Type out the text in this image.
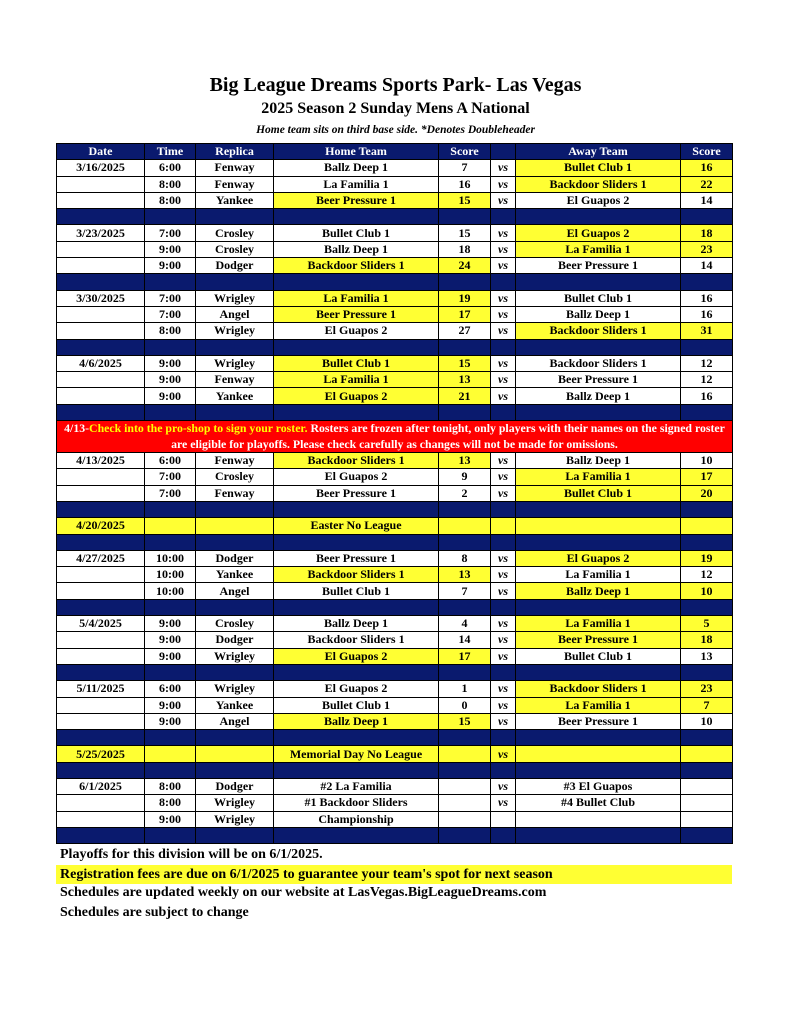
Big League Dreams Sports Park- Las Vegas
2025 Season 2 Sunday Mens A National
Home team sits on third base side. *Denotes Doubleheader
Date	Time	Replica	Home Team	Score		Away Team	Score
3/16/2025	6:00	Fenway	Ballz Deep 1	7	vs	Bullet Club 1	16
	8:00	Fenway	La Familia 1	16	vs	Backdoor Sliders 1	22
	8:00	Yankee	Beer Pressure 1	15	vs	El Guapos 2	14

3/23/2025	7:00	Crosley	Bullet Club 1	15	vs	El Guapos 2	18
	9:00	Crosley	Ballz Deep 1	18	vs	La Familia 1	23
	9:00	Dodger	Backdoor Sliders 1	24	vs	Beer Pressure 1	14

3/30/2025	7:00	Wrigley	La Familia 1	19	vs	Bullet Club 1	16
	7:00	Angel	Beer Pressure 1	17	vs	Ballz Deep 1	16
	8:00	Wrigley	El Guapos 2	27	vs	Backdoor Sliders 1	31

4/6/2025	9:00	Wrigley	Bullet Club 1	15	vs	Backdoor Sliders 1	12
	9:00	Fenway	La Familia 1	13	vs	Beer Pressure 1	12
	9:00	Yankee	El Guapos 2	21	vs	Ballz Deep 1	16

4/13-Check into the pro-shop to sign your roster. Rosters are frozen after tonight, only players with their names on the signed roster are eligible for playoffs. Please check carefully as changes will not be made for omissions.							
4/13/2025	6:00	Fenway	Backdoor Sliders 1	13	vs	Ballz Deep 1	10
	7:00	Crosley	El Guapos 2	9	vs	La Familia 1	17
	7:00	Fenway	Beer Pressure 1	2	vs	Bullet Club 1	20

4/20/2025			Easter No League				

4/27/2025	10:00	Dodger	Beer Pressure 1	8	vs	El Guapos 2	19
	10:00	Yankee	Backdoor Sliders 1	13	vs	La Familia 1	12
	10:00	Angel	Bullet Club 1	7	vs	Ballz Deep 1	10

5/4/2025	9:00	Crosley	Ballz Deep 1	4	vs	La Familia 1	5
	9:00	Dodger	Backdoor Sliders 1	14	vs	Beer Pressure 1	18
	9:00	Wrigley	El Guapos 2	17	vs	Bullet Club 1	13

5/11/2025	6:00	Wrigley	El Guapos 2	1	vs	Backdoor Sliders 1	23
	9:00	Yankee	Bullet Club 1	0	vs	La Familia 1	7
	9:00	Angel	Ballz Deep 1	15	vs	Beer Pressure 1	10

5/25/2025			Memorial Day No League		vs		

6/1/2025	8:00	Dodger	#2 La Familia		vs	#3 El Guapos	
	8:00	Wrigley	#1 Backdoor Sliders		vs	#4 Bullet Club	
	9:00	Wrigley	Championship				

Playoffs for this division will be on 6/1/2025.
Registration fees are due on 6/1/2025 to guarantee your team's spot for next season
Schedules are updated weekly on our website at LasVegas.BigLeagueDreams.com
Schedules are subject to change
